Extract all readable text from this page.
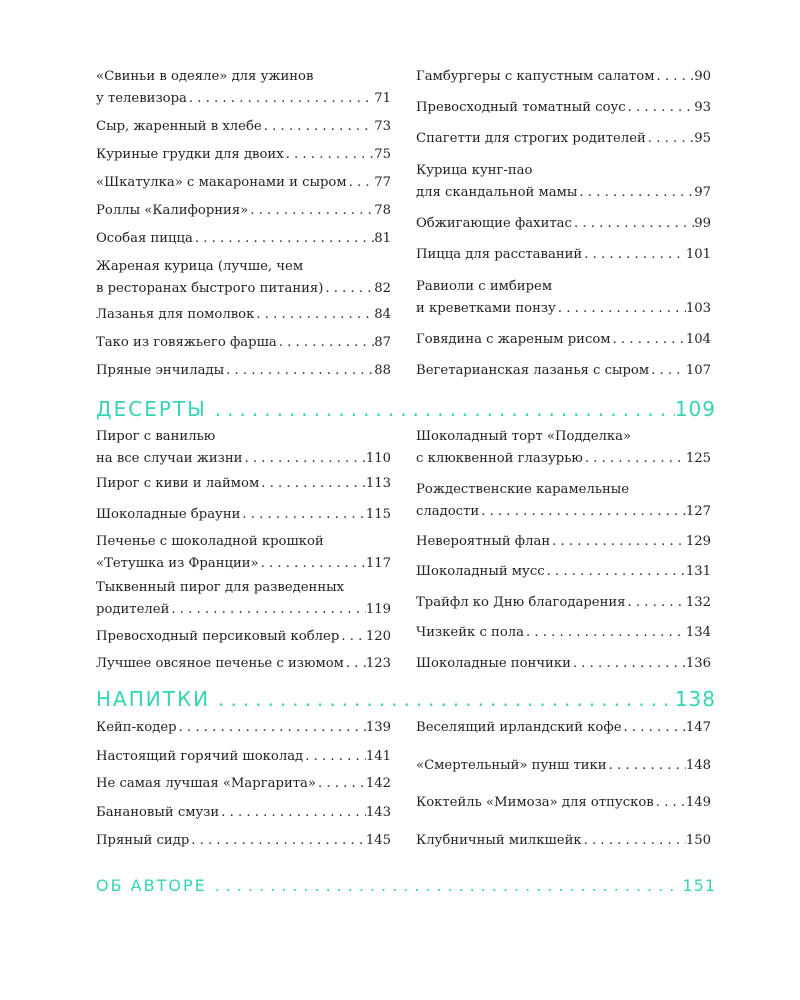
«Свиньи в одеяле» для ужинов
у телевизора . . .	71
Сыр, жаренный в хлебе . . .	73
Куриные грудки для двоих . . .	75
«Шкатулка» с макаронами и сыром . . . 77
Роллы «Калифорния» . . .	78
Особая пицца . . .	81
Жареная курица (лучше, чем
в ресторанах быстрого питания) . . .	82
Лазанья для помолвок . . .	84
Тако из говяжьего фарша . . .	87
Пряные энчилады . . .	88
Гамбургеры с капустным салатом . . .	90
Превосходный томатный соус . . .	93
Спагетти для строгих родителей . . .	95
Курица кунг-пао
для скандальной мамы . . .	97
Обжигающие фахитас . . .	99
Пицца для расставаний . . .	101
Равиоли с имбирем
и креветками понзу . . .	103
Говядина с жареным рисом . . .	104
Вегетарианская лазанья с сыром . . .	107
ДЕСЕРТЫ .....	109
Пирог с ванилью
на все случаи жизни . . .	110
Пирог с киви и лаймом . . .	113
Шоколадные брауни . . .	115
Печенье с шоколадной крошкой
«Тетушка из Франции» . . .	117
Тыквенный пирог для разведенных
родителей . . .	119
Превосходный персиковый коблер . . . 120
Лучшее овсяное печенье с изюмом . . . 123
Шоколадный торт «Подделка»
с клюквенной глазурью . . .	125
Рождественские карамельные
сладости . . .	127
Невероятный флан . . .	129
Шоколадный мусс . . .	131
Трайфл ко Дню благодарения . . .	132
Чизкейк с пола . . .	134
Шоколадные пончики . . .	136
НАПИТКИ .....	138
Кейп-кодер . . .	139
Настоящий горячий шоколад . . .	141
Не самая лучшая «Маргарита» . . .	142
Банановый смузи . . .	143
Пряный сидр . . .	145
Веселящий ирландский кофе . . .	147
«Смертельный» пунш тики . . .	148
Коктейль «Мимоза» для отпусков . . . 149
Клубничный милкшейк . . .	150
ОБ АВТОРЕ .....	151
